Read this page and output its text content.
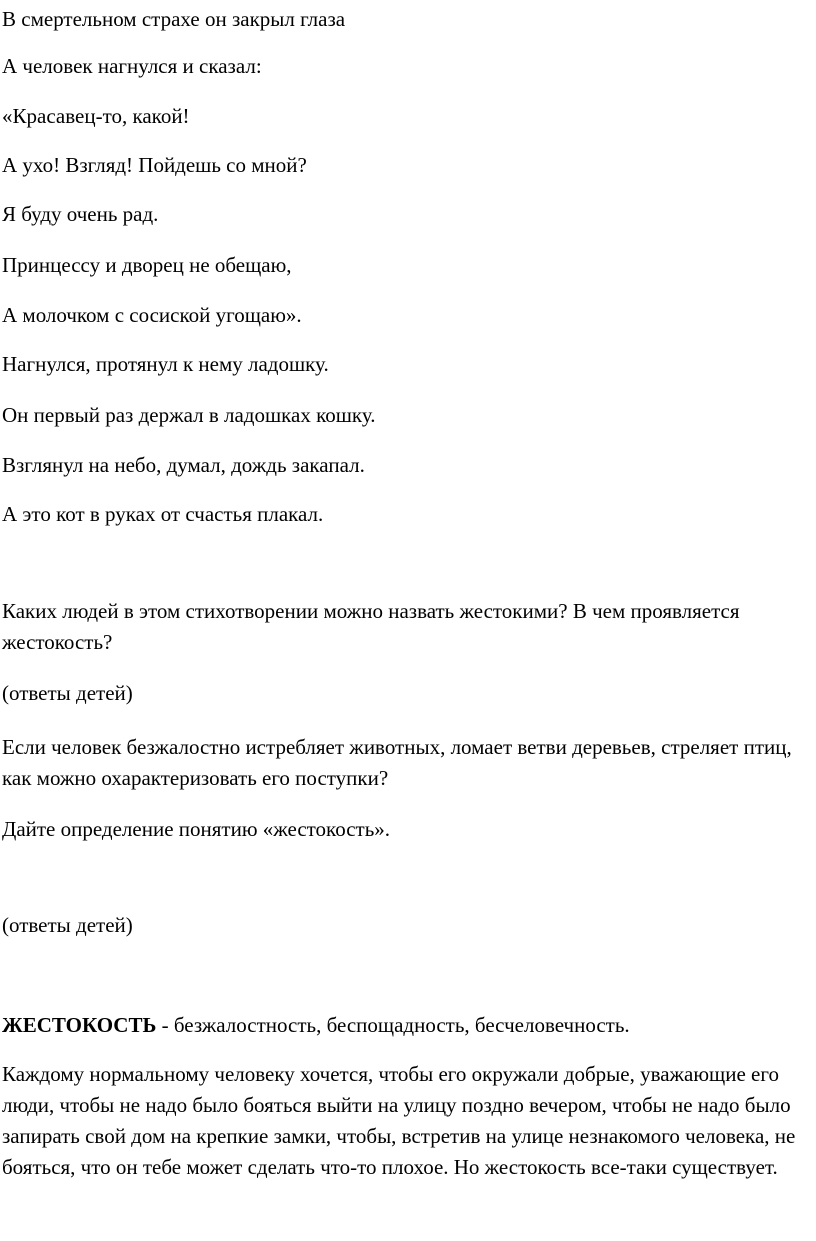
В смертельном страхе он закрыл глаза

А человек нагнулся и сказал:

«Красавец-то, какой!

А ухо! Взгляд! Пойдешь со мной?

Я буду очень рад.

Принцессу и дворец не обещаю,

А молочком с сосиской угощаю».

Нагнулся, протянул к нему ладошку.

Он первый раз держал в ладошках кошку.

Взглянул на небо, думал, дождь закапал.

А это кот в руках от счастья плакал.

Каких людей в этом стихотворении можно назвать жестокими? В чем проявляется жестокость?

(ответы детей)

Если человек безжалостно истребляет животных, ломает ветви деревьев, стреляет птиц, как можно охарактеризовать его поступки?

Дайте определение понятию «жестокость».

(ответы детей)

ЖЕСТОКОСТЬ - безжалостность, беспощадность, бесчеловечность.

Каждому нормальному человеку хочется, чтобы его окружали добрые, уважающие его люди, чтобы не надо было бояться выйти на улицу поздно вечером, чтобы не надо было запирать свой дом на крепкие замки, чтобы, встретив на улице незнакомого человека, не бояться, что он тебе может сделать что-то плохое. Но жестокость все-таки существует.
